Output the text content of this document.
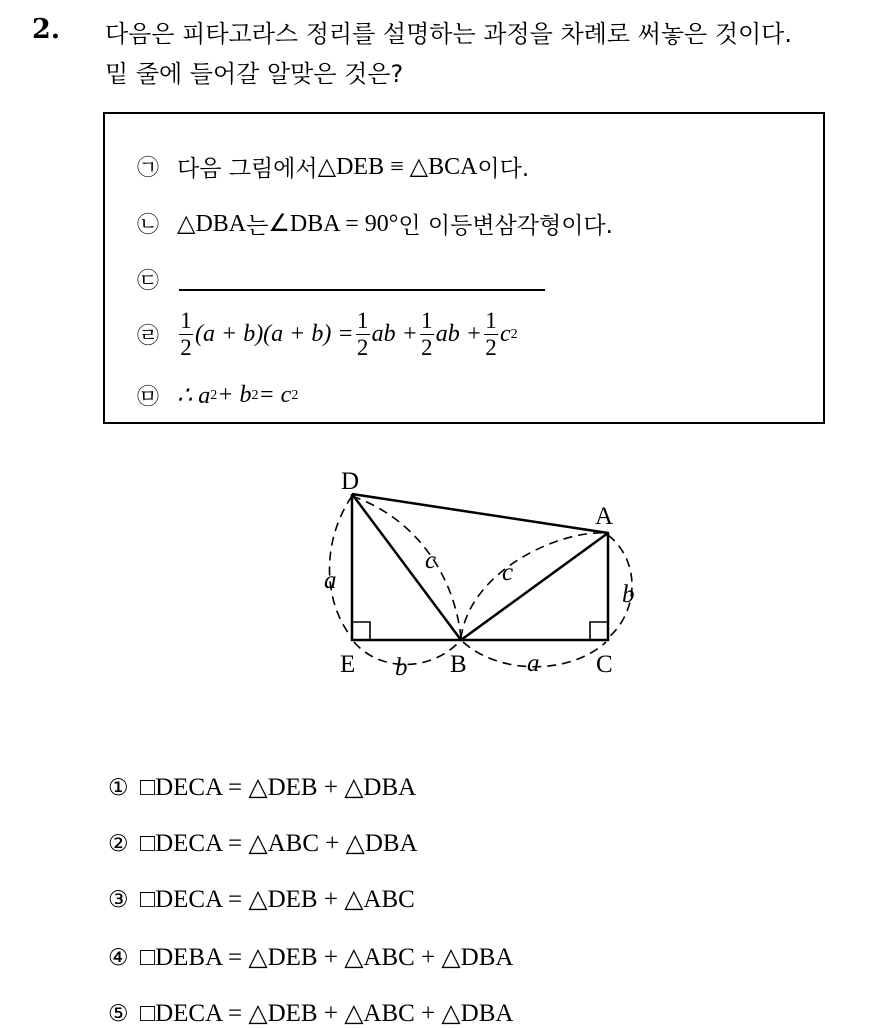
2. 다음은 피타고라스 정리를 설명하는 과정을 차례로 써놓은 것이다.
밑 줄에 들어갈 알맞은 것은?
㉠ 다음 그림에서 △DEB ≡ △BCA 이다.
㉡ △DBA 는 ∠DBA = 90° 인 이등변삼각형이다.
㉢
㉣ $\frac{1}{2} (a + b)(a + b) = \frac{1}{2}$ ab + $\frac{1}{2}$ ab + $\frac{1}{2}$ c 2
㉤ ∴ a 2 + b 2 = c 2
D
A
E	B	C
a
b
c	c
b	a
① □DECA = △DEB + △DBA
② □DECA = △ABC + △DBA
③ □DECA = △DEB + △ABC
④ □DEBA = △DEB + △ABC + △DBA
⑤ □DECA = △DEB + △ABC + △DBA
